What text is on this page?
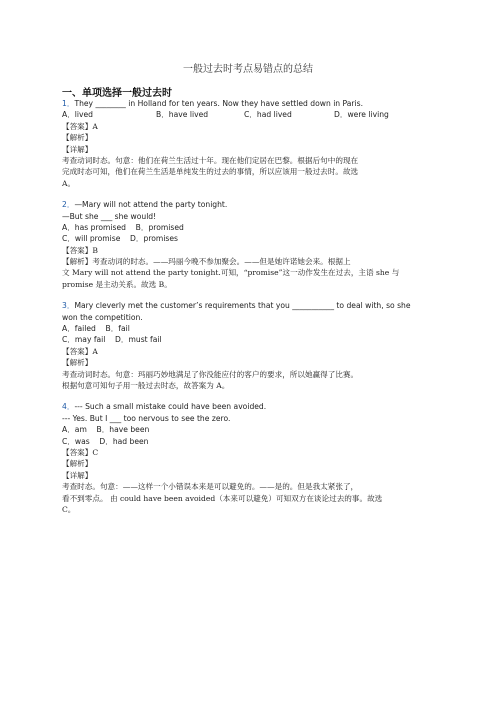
一般过去时考点易错点的总结
一、单项选择一般过去时
1．They ________ in Holland for ten years. Now they have settled down in Paris.
A．lived	B．have lived	C．had lived	D．were living
【答案】A
【解析】
【详解】
考查动词时态。句意：他们在荷兰生活过十年。现在他们定居在巴黎。根据后句中的现在
完成时态可知，他们在荷兰生活是单纯发生的过去的事情，所以应该用一般过去时。故选
A。
2．—Mary will not attend the party tonight.
—But she ___ she would!
A．has promised    B．promised
C．will promise    D．promises
【答案】B
【解析】考查动词的时态。——玛丽今晚不参加聚会。——但是她许诺她会来。根据上
文 Mary will not attend the party tonight.可知，“promise”这一动作发生在过去，主语 she 与
promise 是主动关系。故选 B。
3．Mary cleverly met the customer’s requirements that you ___________ to deal with, so she
won the competition.
A．failed    B．fail
C．may fail    D．must fail
【答案】A
【解析】
考查动词时态。句意：玛丽巧妙地满足了你没能应付的客户的要求，所以她赢得了比赛。
根据句意可知句子用一般过去时态，故答案为 A。
4．--- Such a small mistake could have been avoided.
--- Yes. But I ___ too nervous to see the zero.
A．am    B．have been
C．was    D．had been
【答案】C
【解析】
【详解】
考查时态。句意：——这样一个小错误本来是可以避免的。——是的。但是我太紧张了，
看不到零点。 由 could have been avoided（本来可以避免）可知双方在谈论过去的事。故选
C。
